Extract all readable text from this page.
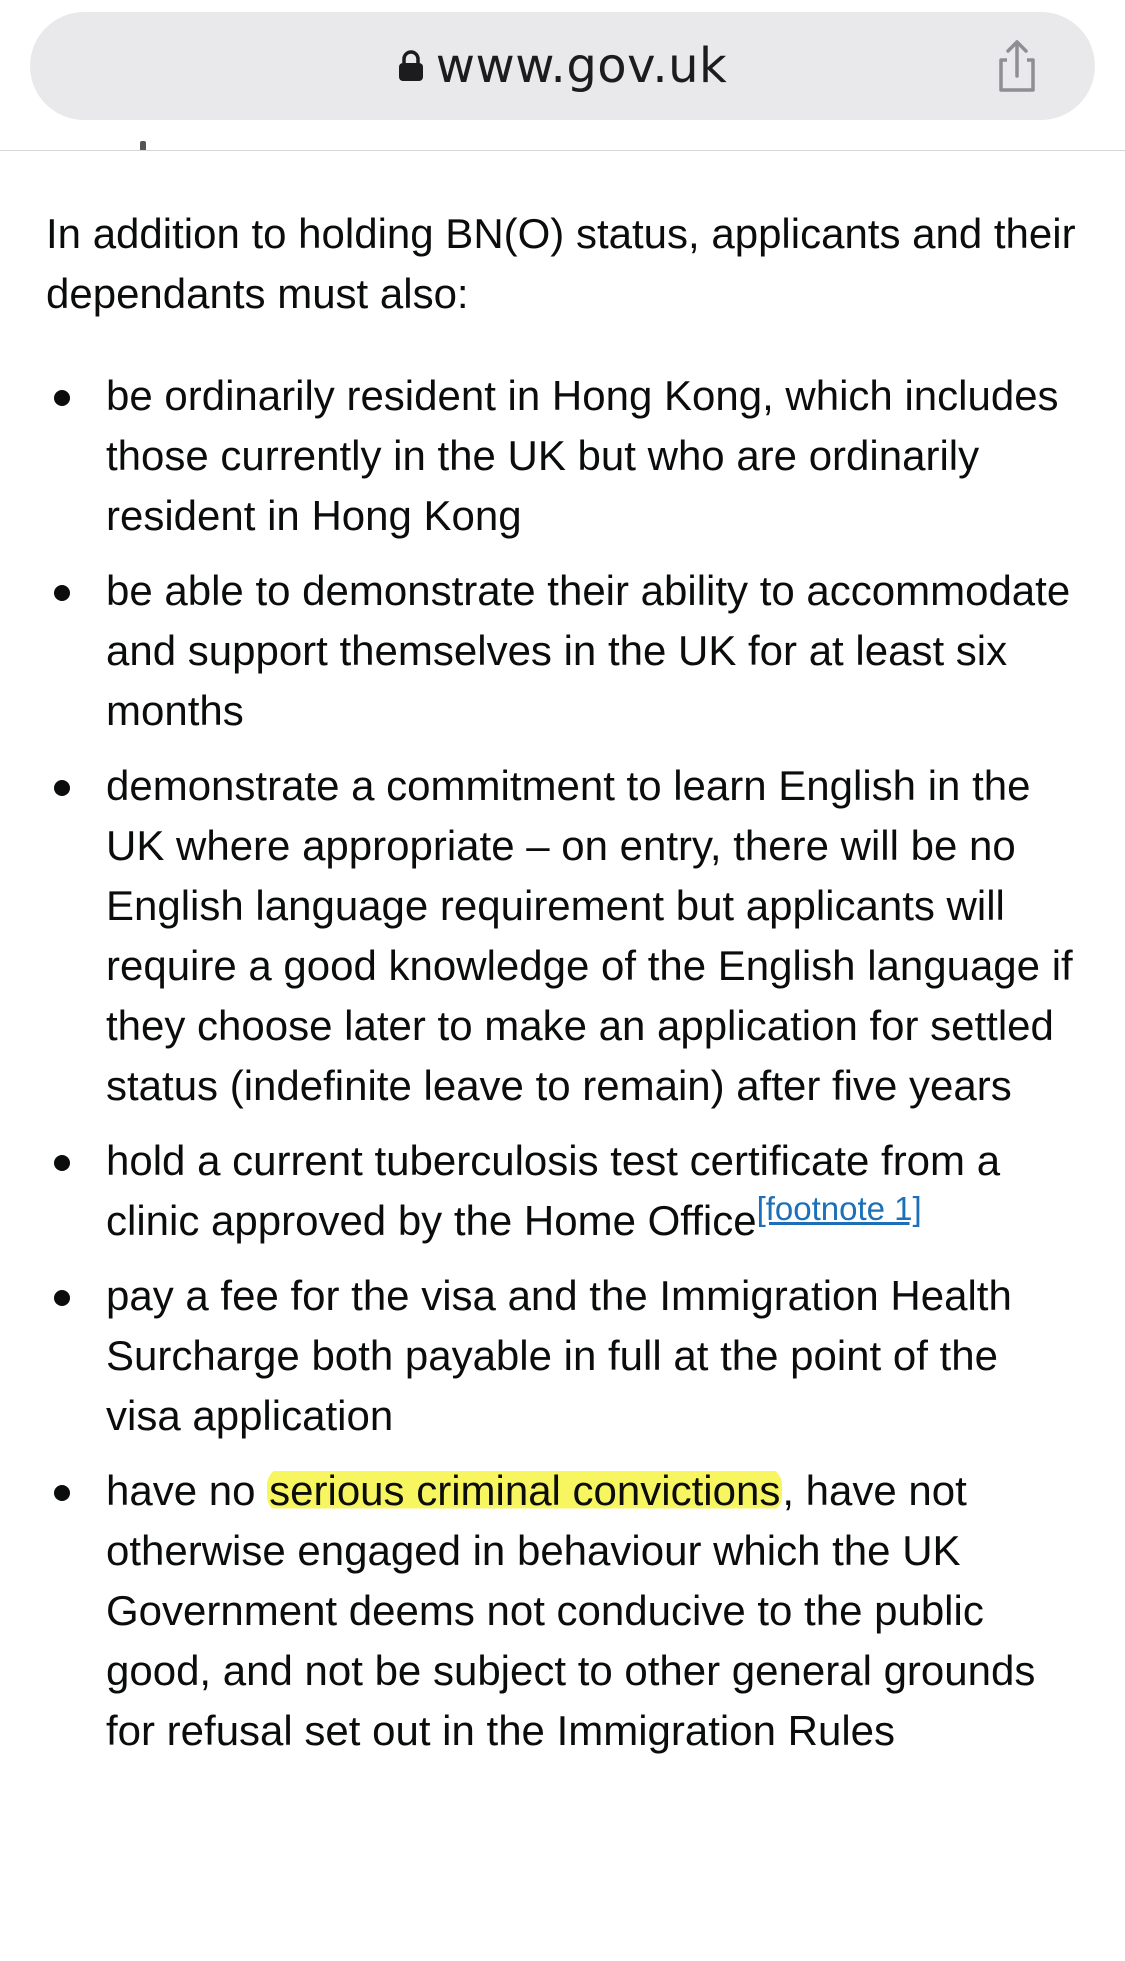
www.gov.uk

In addition to holding BN(O) status, applicants and their dependants must also:

be ordinarily resident in Hong Kong, which includes those currently in the UK but who are ordinarily resident in Hong Kong
be able to demonstrate their ability to accommodate and support themselves in the UK for at least six months
demonstrate a commitment to learn English in the UK where appropriate – on entry, there will be no English language requirement but applicants will require a good knowledge of the English language if they choose later to make an application for settled status (indefinite leave to remain) after five years
hold a current tuberculosis test certificate from a clinic approved by the Home Office[footnote 1]
pay a fee for the visa and the Immigration Health Surcharge both payable in full at the point of the visa application
have no serious criminal convictions, have not otherwise engaged in behaviour which the UK Government deems not conducive to the public good, and not be subject to other general grounds for refusal set out in the Immigration Rules
